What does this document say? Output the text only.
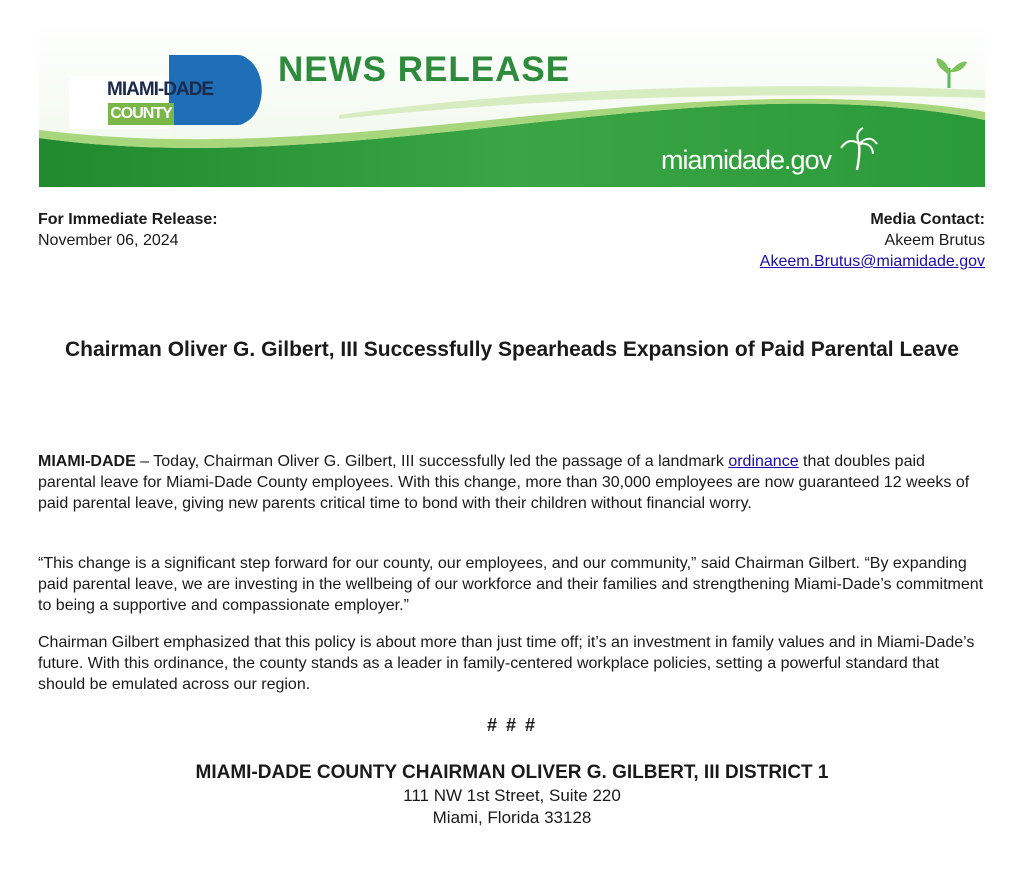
MIAMI-DADE
COUNTY
NEWS RELEASE
miamidade.gov
For Immediate Release:
November 06, 2024
Media Contact:
Akeem Brutus
Akeem.Brutus@miamidade.gov
Chairman Oliver G. Gilbert, III Successfully Spearheads Expansion of Paid Parental Leave

MIAMI-DADE – Today, Chairman Oliver G. Gilbert, III successfully led the passage of a landmark ordinance that doubles paid parental leave for Miami-Dade County employees. With this change, more than 30,000 employees are now guaranteed 12 weeks of paid parental leave, giving new parents critical time to bond with their children without financial worry.

“This change is a significant step forward for our county, our employees, and our community,” said Chairman Gilbert. “By expanding paid parental leave, we are investing in the wellbeing of our workforce and their families and strengthening Miami-Dade’s commitment to being a supportive and compassionate employer.”

Chairman Gilbert emphasized that this policy is about more than just time off; it’s an investment in family values and in Miami-Dade’s future. With this ordinance, the county stands as a leader in family-centered workplace policies, setting a powerful standard that should be emulated across our region.

# # #
MIAMI-DADE COUNTY CHAIRMAN OLIVER G. GILBERT, III DISTRICT 1
111 NW 1st Street, Suite 220
Miami, Florida 33128
